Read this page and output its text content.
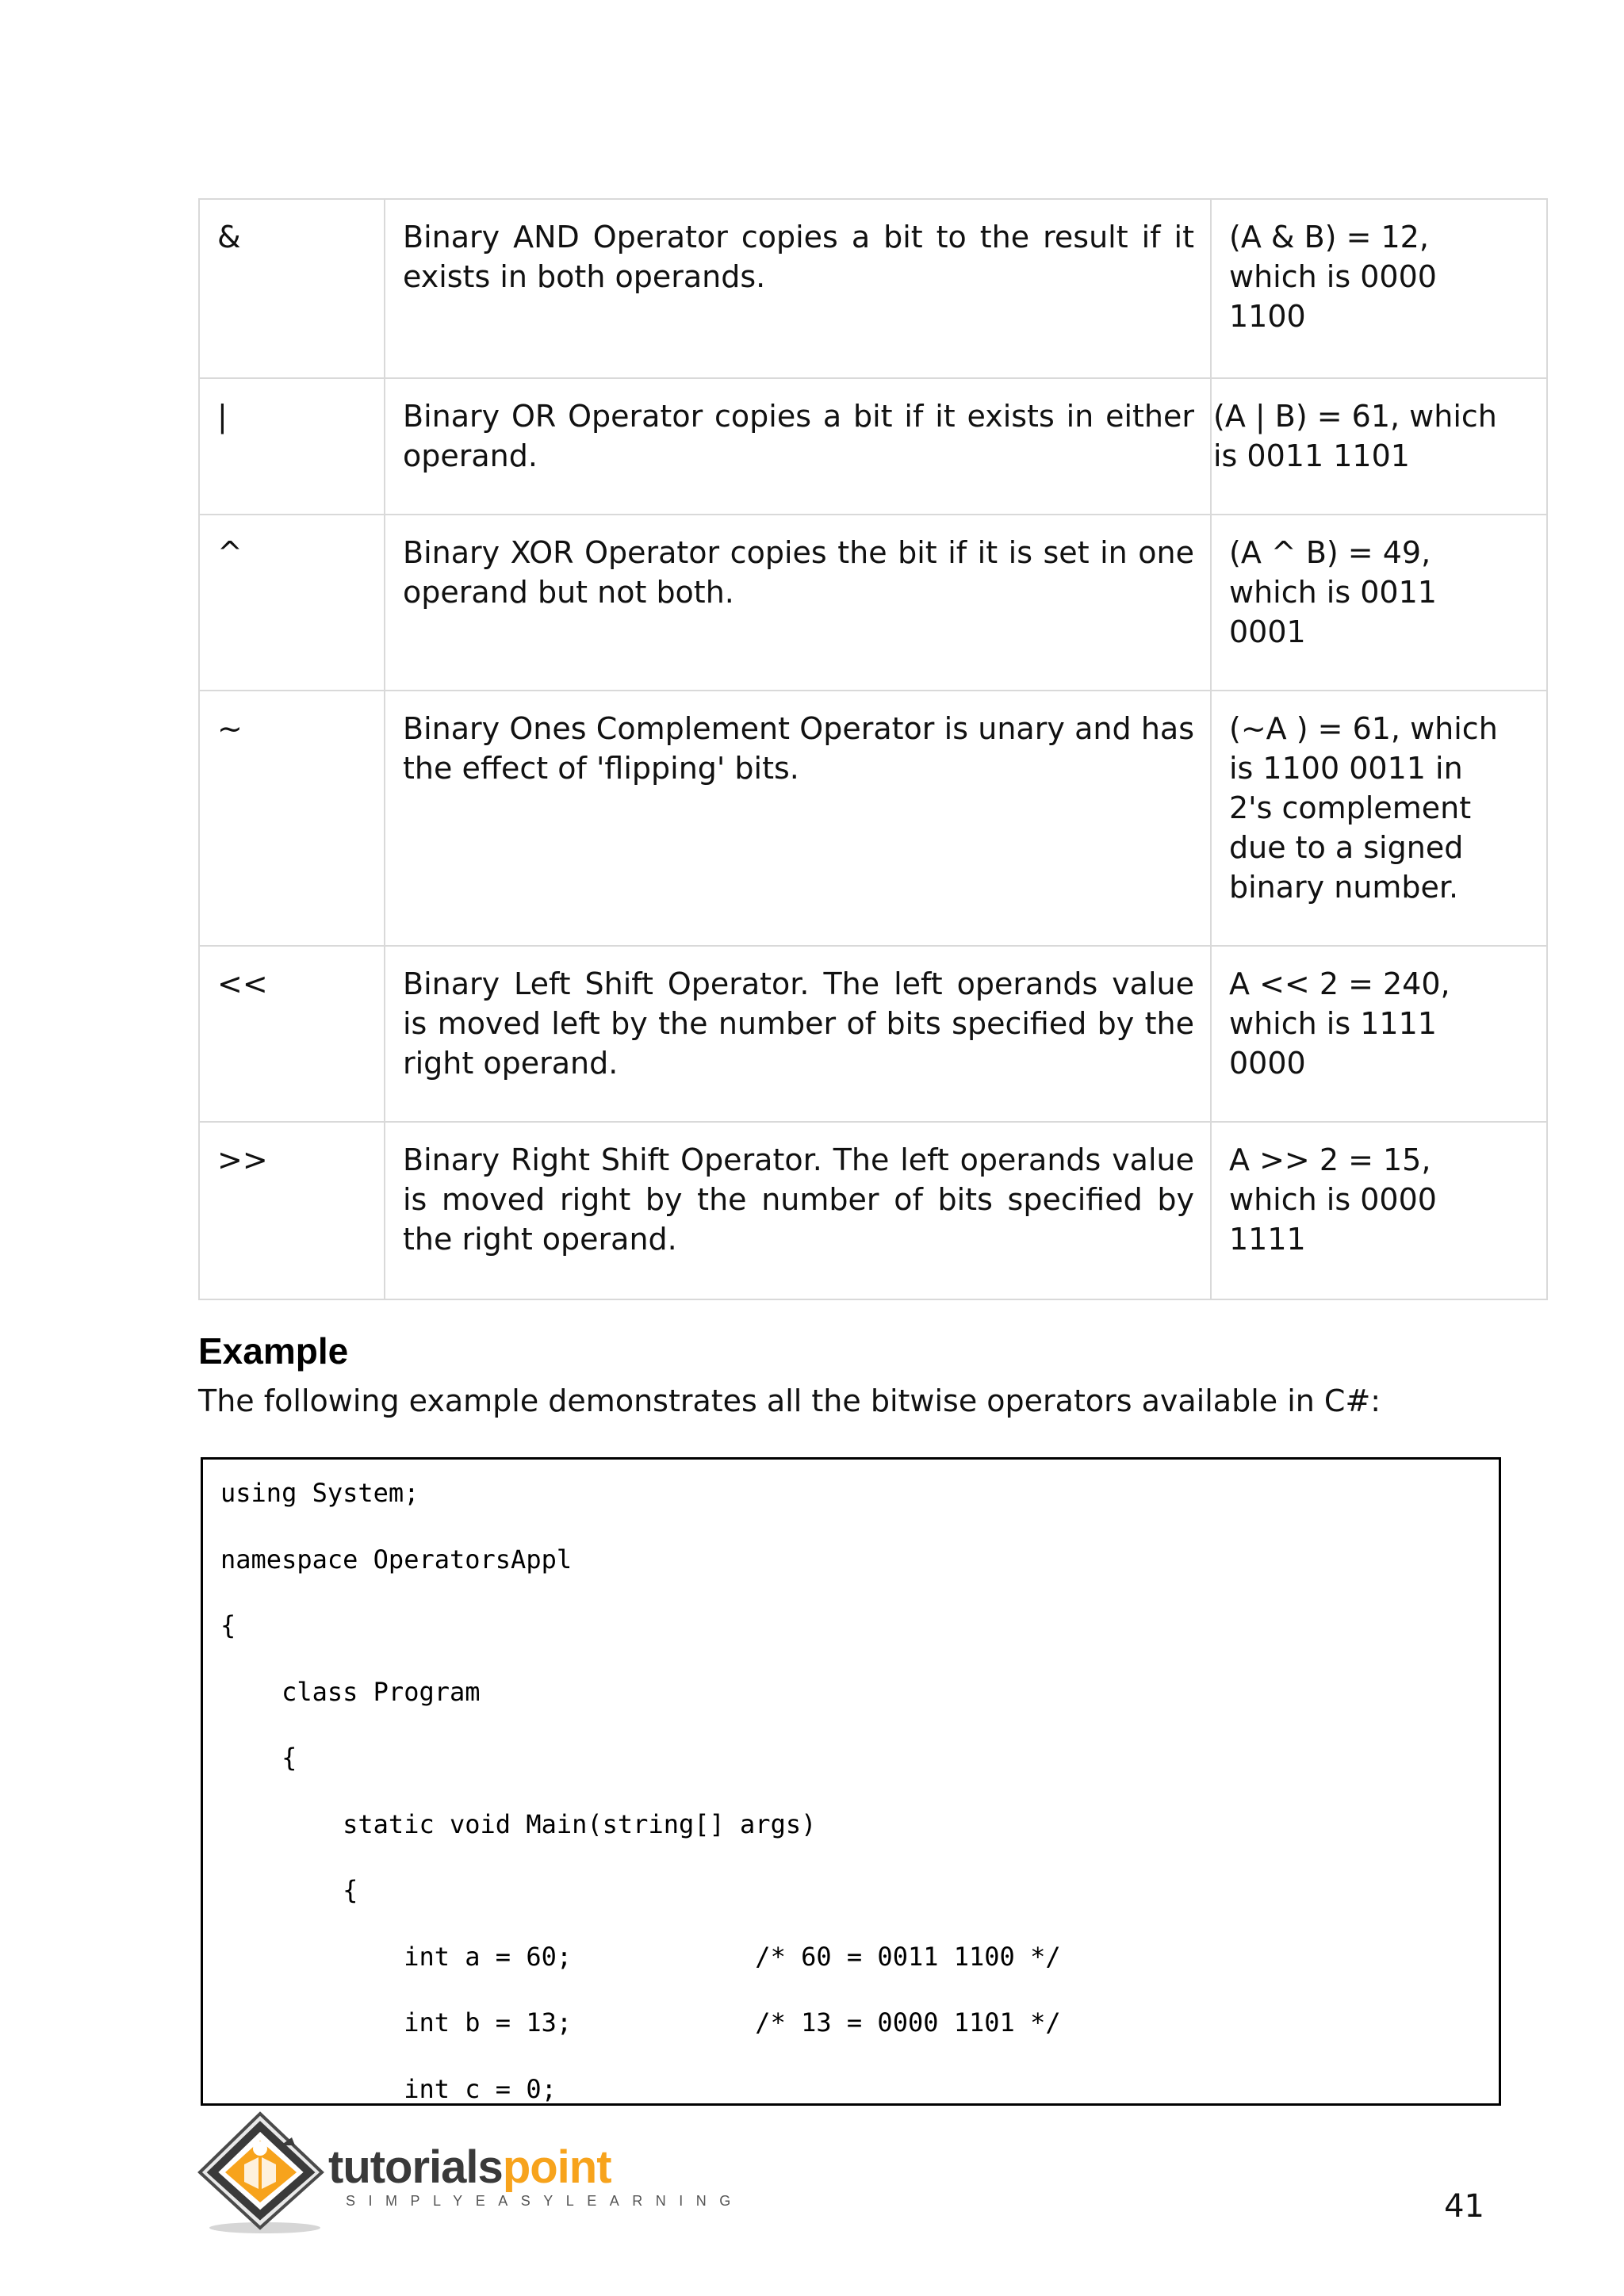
&	Binary AND Operator copies a bit to the result if it exists in both operands.	(A & B) = 12,
which is 0000
1100

|	Binary OR Operator copies a bit if it exists in either operand.	(A | B) = 61, which
is 0011 1101

^	Binary XOR Operator copies the bit if it is set in one operand but not both.	(A ^ B) = 49,
which is 0011
0001

~	Binary Ones Complement Operator is unary and has the effect of 'flipping' bits.	(~A ) = 61, which
is 1100 0011 in
2's complement
due to a signed
binary number.

<<	Binary Left Shift Operator. The left operands value is moved left by the number of bits specified by the right operand.	A << 2 = 240,
which is 1111
0000

>>	Binary Right Shift Operator. The left operands value is moved right by the number of bits specified by the right operand.	A >> 2 = 15,
which is 0000
1111
Example

The following example demonstrates all the bitwise operators available in C#:

using System;
namespace OperatorsAppl
{
class Program
{
static void Main(string[] args)
{
int a = 60;            /* 60 = 0011 1100 */
int b = 13;            /* 13 = 0000 1101 */
int c = 0;
tutorialspoint
SIMPLYEASYLEARNING	41
